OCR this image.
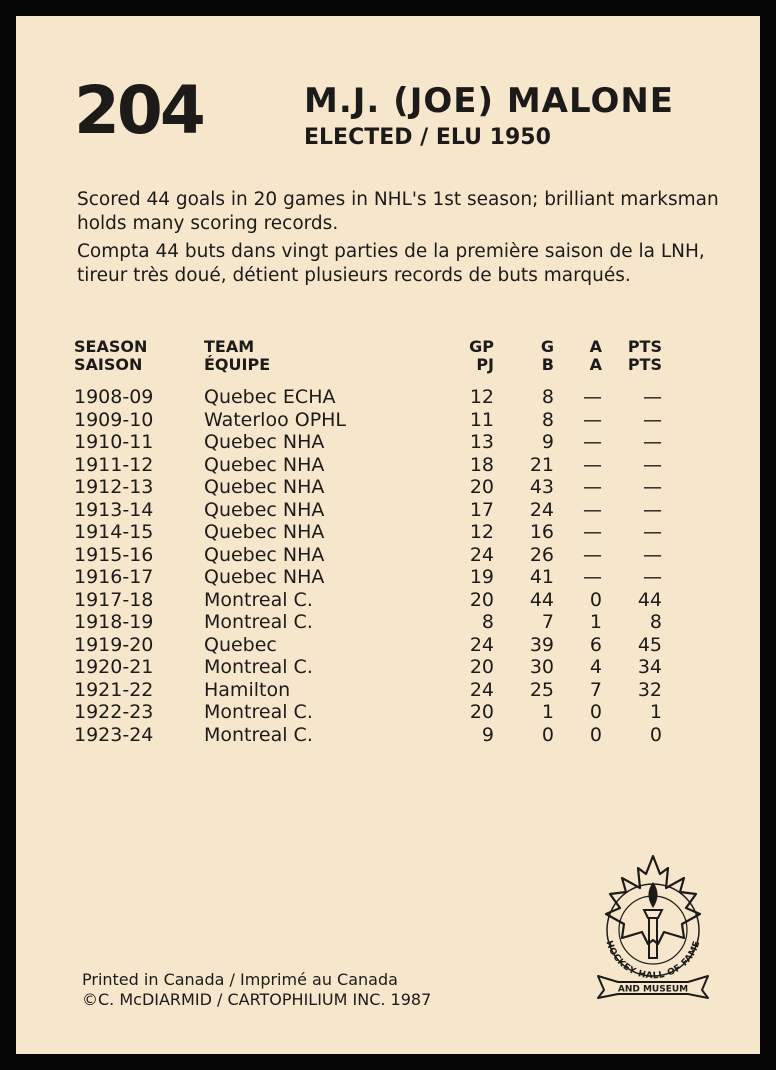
204	M.J. (JOE) MALONE
ELECTED / ELU 1950
Scored 44 goals in 20 games in NHL's 1st season; brilliant marksman holds many scoring records.
Compta 44 buts dans vingt parties de la première saison de la LNH, tireur très doué, détient plusieurs records de buts marqués.
SEASON	TEAM	GP	G	A	PTS
SAISON	ÉQUIPE	PJ	B	A	PTS
1908-09	Quebec ECHA	12	8	—	—
1909-10	Waterloo OPHL	11	8	—	—
1910-11	Quebec NHA	13	9	—	—
1911-12	Quebec NHA	18	21	—	—
1912-13	Quebec NHA	20	43	—	—
1913-14	Quebec NHA	17	24	—	—
1914-15	Quebec NHA	12	16	—	—
1915-16	Quebec NHA	24	26	—	—
1916-17	Quebec NHA	19	41	—	—
1917-18	Montreal C.	20	44	0	44
1918-19	Montreal C.	8	7	1	8
1919-20	Quebec	24	39	6	45
1920-21	Montreal C.	20	30	4	34
1921-22	Hamilton	24	25	7	32
1922-23	Montreal C.	20	1	0	1
1923-24	Montreal C.	9	0	0	0
Printed in Canada / Imprimé au Canada
©C. McDIARMID / CARTOPHILIUM INC. 1987
HOCKEY HALL OF FAME
AND MUSEUM
